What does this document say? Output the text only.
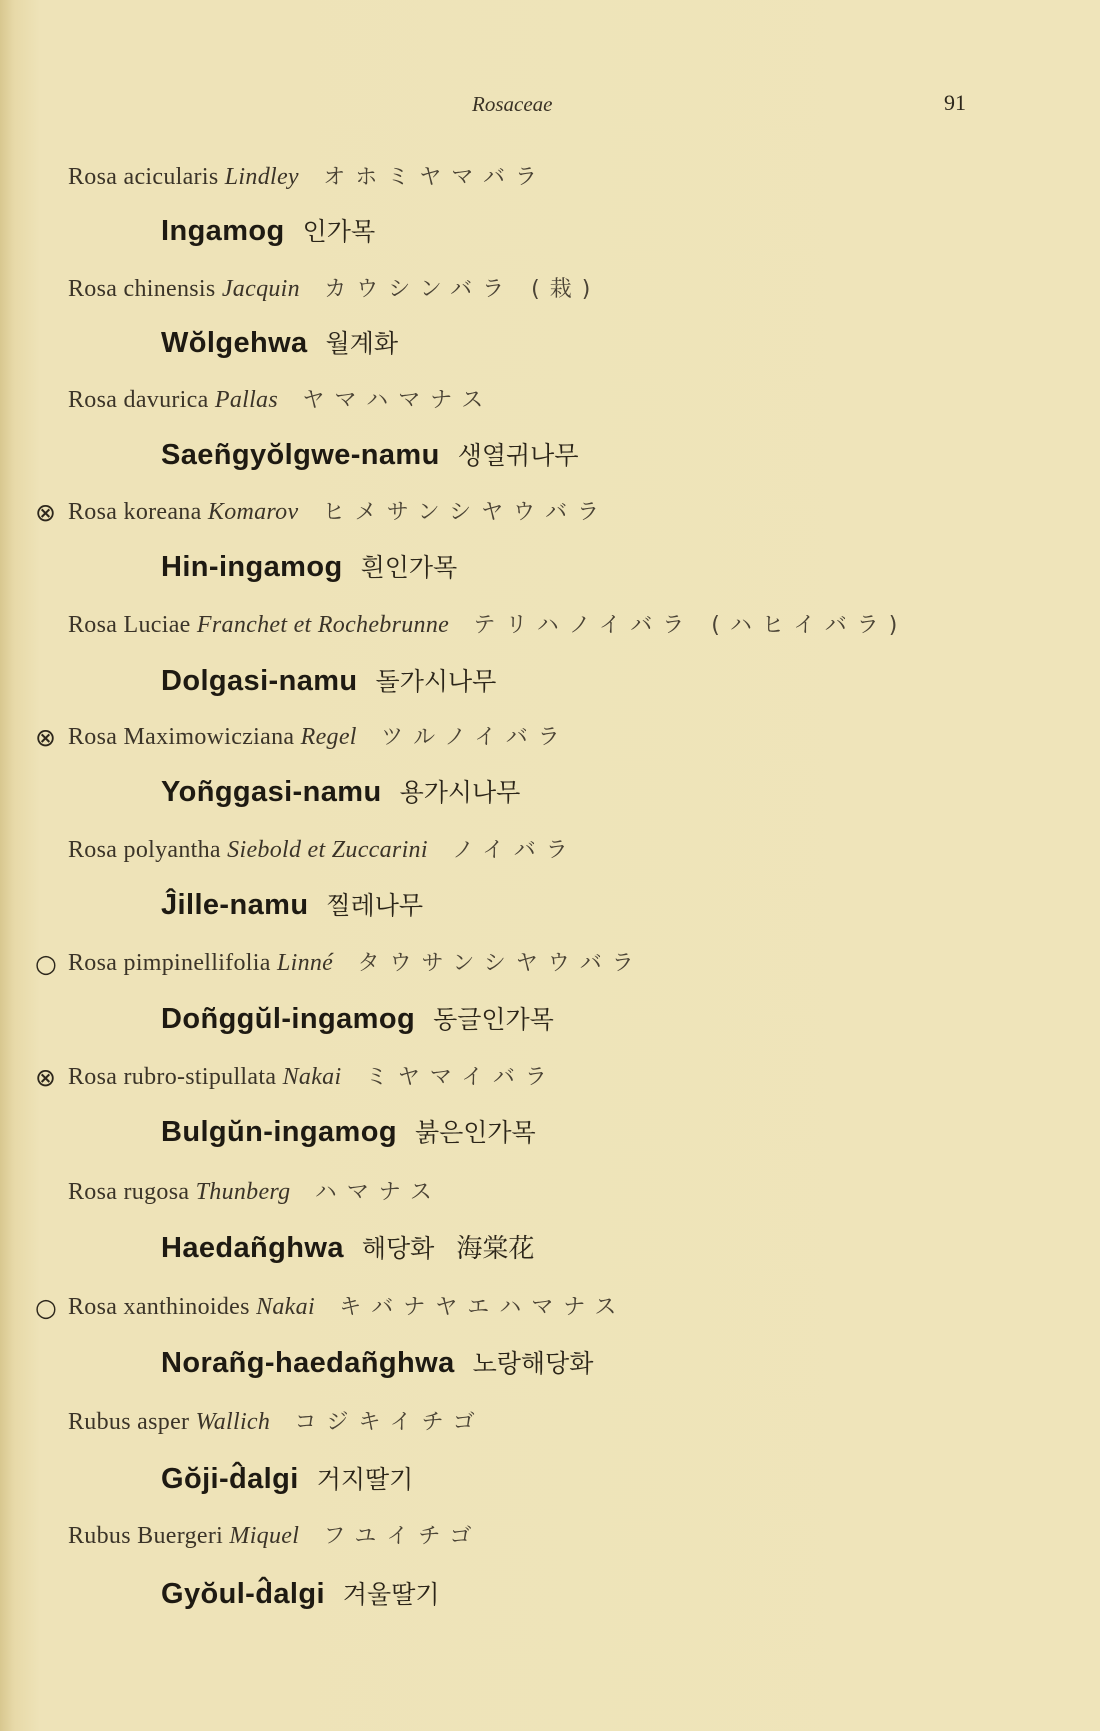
Rosaceae	91
Rosa acicularis Lindley オホミヤマバラ
Ingamog 인가목
Rosa chinensis Jacquin カウシンバラ (栽)
Wŏlgehwa 월계화
Rosa davurica Pallas ヤマハマナス
Saeñgyŏlgwe-namu 생열귀나무
⊗ Rosa koreana Komarov ヒメサンシヤウバラ
Hin-ingamog 흰인가목
Rosa Luciae Franchet et Rochebrunne テリハノイバラ (ハヒイバラ)
Dolgasi-namu 돌가시나무
⊗ Rosa Maximowicziana Regel ツルノイバラ
Yoñggasi-namu 용가시나무
Rosa polyantha Siebold et Zuccarini ノイバラ
Ĵille-namu 찔레나무
○ Rosa pimpinellifolia Linné タウサンシヤウバラ
Doñggŭl-ingamog 동글인가목
⊗ Rosa rubro-stipullata Nakai ミヤマイバラ
Bulgŭn-ingamog 붉은인가목
Rosa rugosa Thunberg ハマナス
Haedañghwa 해당화 海棠花
○ Rosa xanthinoides Nakai キバナヤエハマナス
Norañg-haedañghwa 노랑해당화
Rubus asper Wallich コジキイチゴ
Gŏji-d̂algi 거지딸기
Rubus Buergeri Miquel フユイチゴ
Gyŏul-d̂algi 겨울딸기
